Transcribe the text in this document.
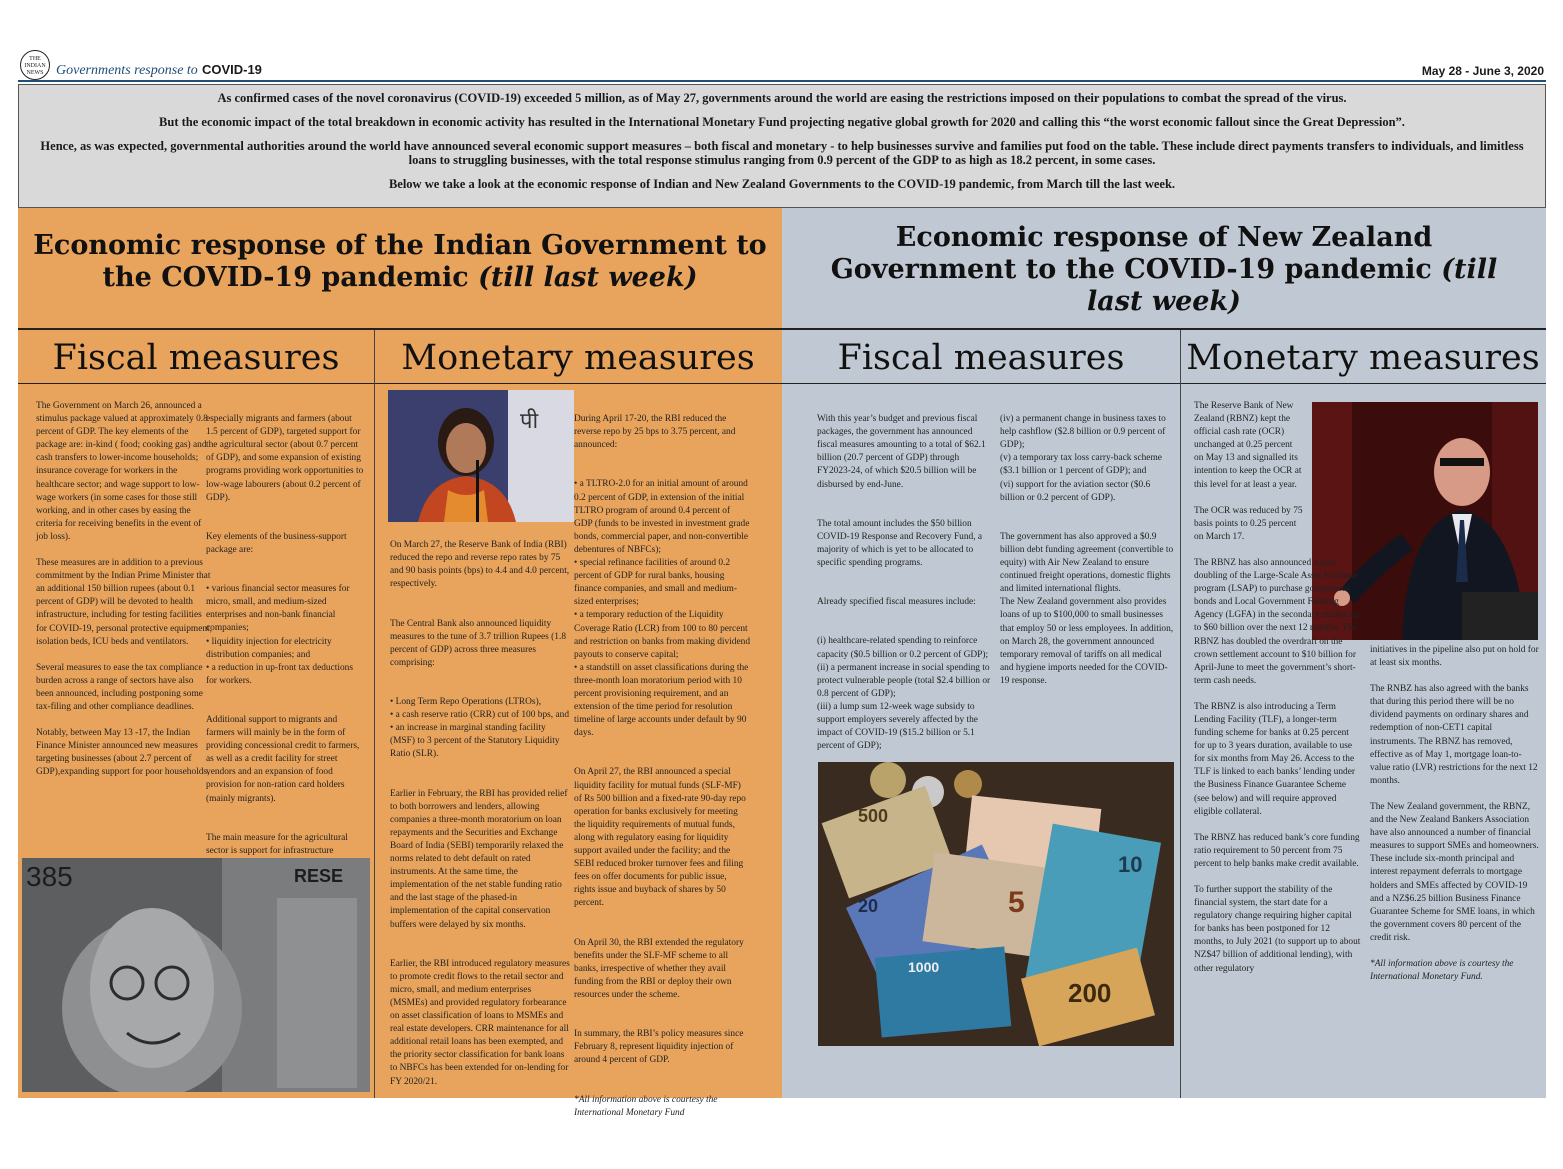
THE INDIAN NEWS Governments response to COVID-19	May 28 - June 3, 2020

As confirmed cases of the novel coronavirus (COVID-19) exceeded 5 million, as of May 27, governments around the world are easing the restrictions imposed on their populations to combat the spread of the virus.

But the economic impact of the total breakdown in economic activity has resulted in the International Monetary Fund projecting negative global growth for 2020 and calling this “the worst economic fallout since the Great Depression”.

Hence, as was expected, governmental authorities around the world have announced several economic support measures – both fiscal and monetary - to help businesses survive and families put food on the table. These include direct payments transfers to individuals, and limitless loans to struggling businesses, with the total response stimulus ranging from 0.9 percent of the GDP to as high as 18.2 percent, in some cases.

Below we take a look at the economic response of Indian and New Zealand Governments to the COVID-19 pandemic, from March till the last week.

Economic response of the Indian Government to the COVID-19 pandemic (till last week)
Fiscal measures	Monetary measures

The Government on March 26, announced a stimulus package valued at approximately 0.8 percent of GDP. The key elements of the package are: in-kind ( food; cooking gas) and cash transfers to lower-income households; insurance coverage for workers in the healthcare sector; and wage support to low-wage workers (in some cases for those still working, and in other cases by easing the criteria for receiving benefits in the event of job loss).

These measures are in addition to a previous commitment by the Indian Prime Minister that an additional 150 billion rupees (about 0.1 percent of GDP) will be devoted to health infrastructure, including for testing facilities for COVID-19, personal protective equipment, isolation beds, ICU beds and ventilators.

Several measures to ease the tax compliance burden across a range of sectors have also been announced, including postponing some tax-filing and other compliance deadlines.

Notably, between May 13 -17, the Indian Finance Minister announced new measures targeting businesses (about 2.7 percent of GDP),expanding support for poor households,

especially migrants and farmers (about 1.5 percent of GDP), targeted support for the agricultural sector (about 0.7 percent of GDP), and some expansion of existing programs providing work opportunities to low-wage labourers (about 0.2 percent of GDP).

Key elements of the business-support package are:

• various financial sector measures for micro, small, and medium-sized enterprises and non-bank financial companies;
• liquidity injection for electricity distribution companies; and
• a reduction in up-front tax deductions for workers.

Additional support to migrants and farmers will mainly be in the form of providing concessional credit to farmers, as well as a credit facility for street vendors and an expansion of food provision for non-ration card holders (mainly migrants).

The main measure for the agricultural sector is support for infrastructure

385	RESE
पी

On March 27, the Reserve Bank of India (RBI) reduced the repo and reverse repo rates by 75 and 90 basis points (bps) to 4.4 and 4.0 percent, respectively.

The Central Bank also announced liquidity measures to the tune of 3.7 trillion Rupees (1.8 percent of GDP) across three measures comprising:

• Long Term Repo Operations (LTROs),
• a cash reserve ratio (CRR) cut of 100 bps, and
• an increase in marginal standing facility (MSF) to 3 percent of the Statutory Liquidity Ratio (SLR).

Earlier in February, the RBI has provided relief to both borrowers and lenders, allowing companies a three-month moratorium on loan repayments and the Securities and Exchange Board of India (SEBI) temporarily relaxed the norms related to debt default on rated instruments. At the same time, the implementation of the net stable funding ratio and the last stage of the phased-in implementation of the capital conservation buffers were delayed by six months.

Earlier, the RBI introduced regulatory measures to promote credit flows to the retail sector and micro, small, and medium enterprises (MSMEs) and provided regulatory forbearance on asset classification of loans to MSMEs and real estate developers. CRR maintenance for all additional retail loans has been exempted, and the priority sector classification for bank loans to NBFCs has been extended for on-lending for FY 2020/21.

During April 17-20, the RBI reduced the reverse repo by 25 bps to 3.75 percent, and announced:

• a TLTRO-2.0 for an initial amount of around 0.2 percent of GDP, in extension of the initial TLTRO program of around 0.4 percent of GDP (funds to be invested in investment grade bonds, commercial paper, and non-convertible debentures of NBFCs);
• special refinance facilities of around 0.2 percent of GDP for rural banks, housing finance companies, and small and medium-sized enterprises;
• a temporary reduction of the Liquidity Coverage Ratio (LCR) from 100 to 80 percent and restriction on banks from making dividend payouts to conserve capital;
• a standstill on asset classifications during the three-month loan moratorium period with 10 percent provisioning requirement, and an extension of the time period for resolution timeline of large accounts under default by 90 days.

On April 27, the RBI announced a special liquidity facility for mutual funds (SLF-MF) of Rs 500 billion and a fixed-rate 90-day repo operation for banks exclusively for meeting the liquidity requirements of mutual funds, along with regulatory easing for liquidity support availed under the facility; and the SEBI reduced broker turnover fees and filing fees on offer documents for public issue, rights issue and buyback of shares by 50 percent.

On April 30, the RBI extended the regulatory benefits under the SLF-MF scheme to all banks, irrespective of whether they avail funding from the RBI or deploy their own resources under the scheme.

In summary, the RBI’s policy measures since February 8, represent liquidity injection of around 4 percent of GDP.

*All information above is courtesy the International Monetary Fund

Economic response of New Zealand Government to the COVID-19 pandemic (till last week)
Fiscal measures	Monetary measures

With this year’s budget and previous fiscal packages, the government has announced fiscal measures amounting to a total of $62.1 billion (20.7 percent of GDP) through FY2023-24, of which $20.5 billion will be disbursed by end-June.

The total amount includes the $50 billion COVID-19 Response and Recovery Fund, a majority of which is yet to be allocated to specific spending programs.

Already specified fiscal measures include:

(i) healthcare-related spending to reinforce capacity ($0.5 billion or 0.2 percent of GDP);
(ii) a permanent increase in social spending to protect vulnerable people (total $2.4 billion or 0.8 percent of GDP);
(iii) a lump sum 12-week wage subsidy to support employers severely affected by the impact of COVID-19 ($15.2 billion or 5.1 percent of GDP);

(iv) a permanent change in business taxes to help cashflow ($2.8 billion or 0.9 percent of GDP);
(v) a temporary tax loss carry-back scheme ($3.1 billion or 1 percent of GDP); and
(vi) support for the aviation sector ($0.6 billion or 0.2 percent of GDP).

The government has also approved a $0.9 billion debt funding agreement (convertible to equity) with Air New Zealand to ensure continued freight operations, domestic flights and limited international flights.
The New Zealand government also provides loans of up to $100,000 to small businesses that employ 50 or less employees. In addition, on March 28, the government announced temporary removal of tariffs on all medical and hygiene imports needed for the COVID-19 response.

5
10
20
200
500
1000

The Reserve Bank of New Zealand (RBNZ) kept the official cash rate (OCR) unchanged at 0.25 percent on May 13 and signalled its intention to keep the OCR at this level for at least a year.

The OCR was reduced by 75 basis points to 0.25 percent on March 17.

The RBNZ has also announced a near doubling of the Large-Scale Asset Purchase program (LSAP) to purchase government bonds and Local Government Funding Agency (LGFA) in the secondary market up to $60 billion over the next 12 months. The RBNZ has doubled the overdraft on the crown settlement account to $10 billion for April-June to meet the government’s short-term cash needs.

The RBNZ is also introducing a Term Lending Facility (TLF), a longer-term funding scheme for banks at 0.25 percent for up to 3 years duration, available to use for six months from May 26. Access to the TLF is linked to each banks’ lending under the Business Finance Guarantee Scheme (see below) and will require approved eligible collateral.

The RBNZ has reduced bank’s core funding ratio requirement to 50 percent from 75 percent to help banks make credit available.

To further support the stability of the financial system, the start date for a regulatory change requiring higher capital for banks has been postponed for 12 months, to July 2021 (to support up to about NZ$47 billion of additional lending), with other regulatory

initiatives in the pipeline also put on hold for at least six months.

The RNBZ has also agreed with the banks that during this period there will be no dividend payments on ordinary shares and redemption of non-CET1 capital instruments. The RBNZ has removed, effective as of May 1, mortgage loan-to-value ratio (LVR) restrictions for the next 12 months.

The New Zealand government, the RBNZ, and the New Zealand Bankers Association have also announced a number of financial measures to support SMEs and homeowners. These include six-month principal and interest repayment deferrals to mortgage holders and SMEs affected by COVID-19 and a NZ$6.25 billion Business Finance Guarantee Scheme for SME loans, in which the government covers 80 percent of the credit risk.

*All information above is courtesy the International Monetary Fund.
